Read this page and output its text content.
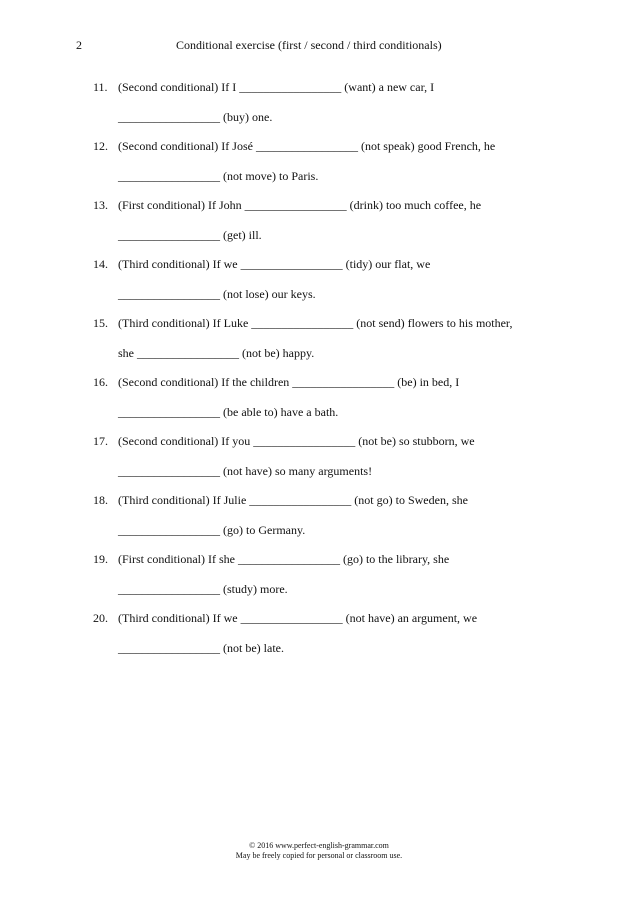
2	Conditional exercise (first / second / third conditionals)
11. (Second conditional) If I _________________ (want) a new car, I
_________________ (buy) one.
12. (Second conditional) If José _________________ (not speak) good French, he
_________________ (not move) to Paris.
13. (First conditional) If John _________________ (drink) too much coffee, he
_________________ (get) ill.
14. (Third conditional) If we _________________ (tidy) our flat, we
_________________ (not lose) our keys.
15. (Third conditional) If Luke _________________ (not send) flowers to his mother,
she _________________ (not be) happy.
16. (Second conditional) If the children _________________ (be) in bed, I
_________________ (be able to) have a bath.
17. (Second conditional) If you _________________ (not be) so stubborn, we
_________________ (not have) so many arguments!
18. (Third conditional) If Julie _________________ (not go) to Sweden, she
_________________ (go) to Germany.
19. (First conditional) If she _________________ (go) to the library, she
_________________ (study) more.
20. (Third conditional) If we _________________ (not have) an argument, we
_________________ (not be) late.
© 2016 www.perfect-english-grammar.com
May be freely copied for personal or classroom use.
